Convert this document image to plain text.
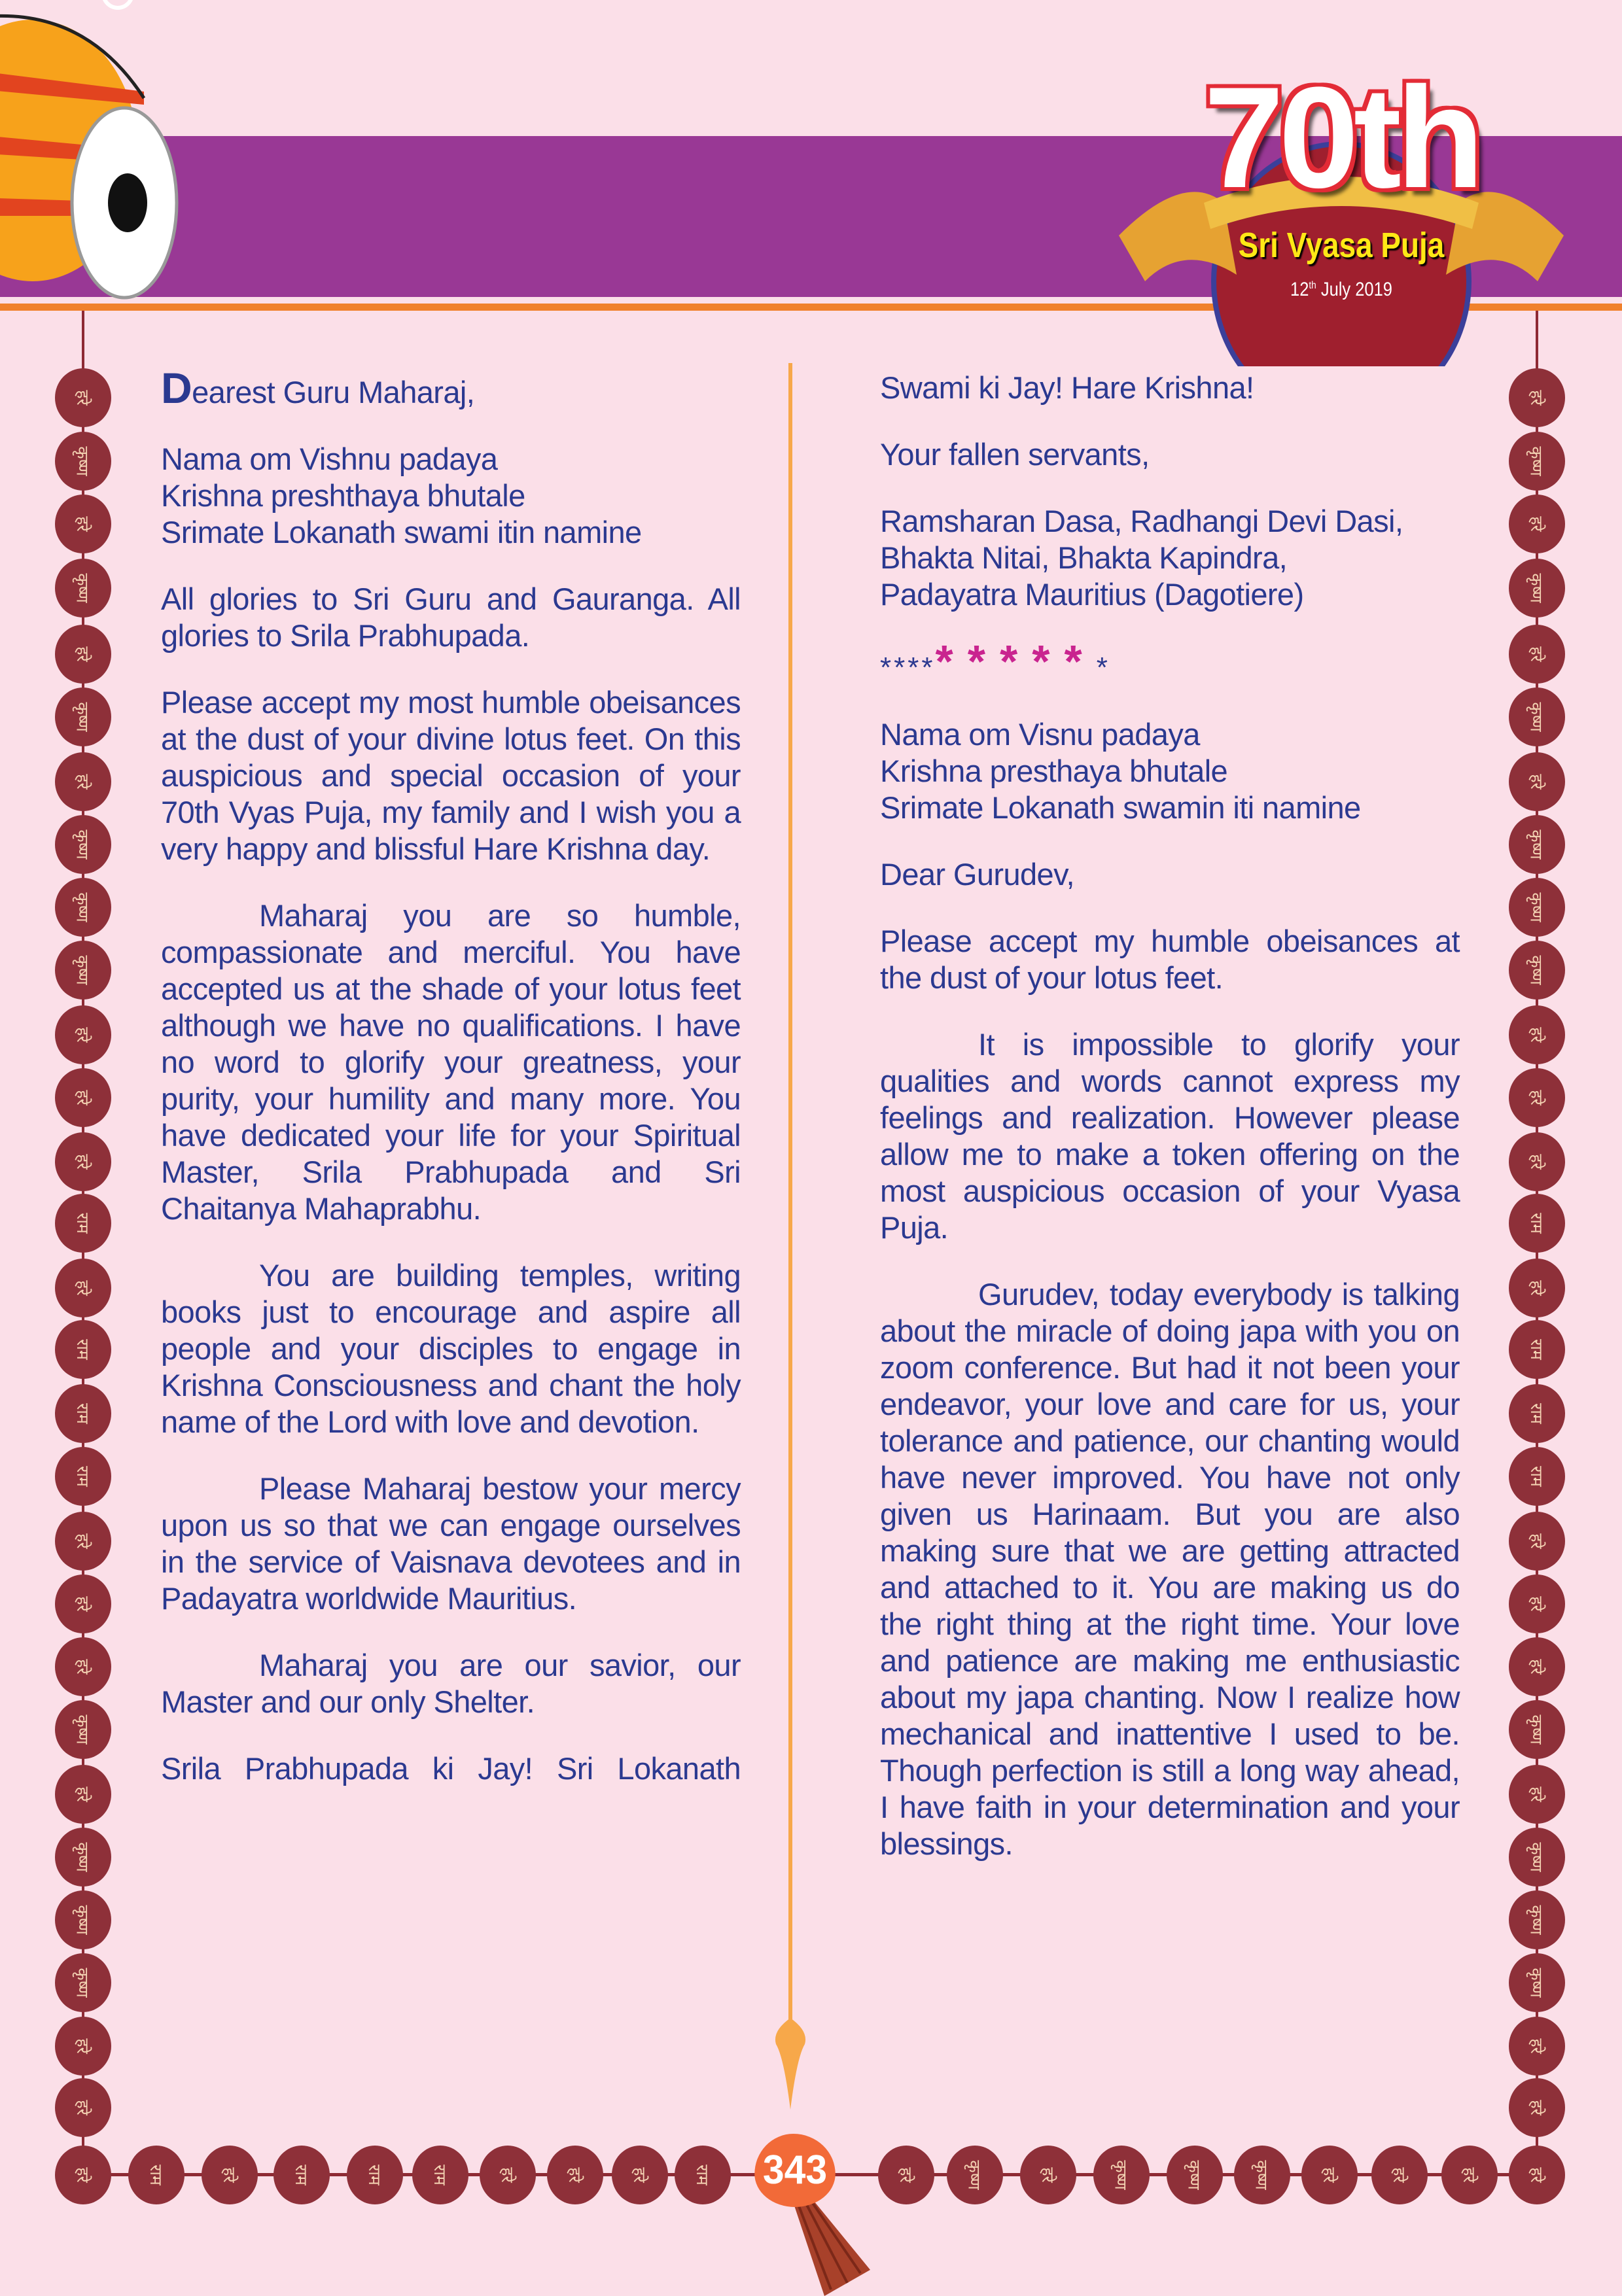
70th
Sri Vyasa Puja
12th July 2019

Dearest Guru Maharaj,

Nama om Vishnu padaya
Krishna preshthaya bhutale
Srimate Lokanath swami itin namine

All glories to Sri Guru and Gauranga. All glories to Srila Prabhupada.

Please accept my most humble obeisances at the dust of your divine lotus feet. On this auspicious and special occasion of your 70th Vyas Puja, my family and I wish you a very happy and blissful Hare Krishna day.

Maharaj you are so humble, compassionate and merciful. You have accepted us at the shade of your lotus feet although we have no qualifications. I have no word to glorify your greatness, your purity, your humility and many more. You have dedicated your life for your Spiritual Master, Srila Prabhupada and Sri Chaitanya Mahaprabhu.

You are building temples, writing books just to encourage and aspire all people and your disciples to engage in Krishna Consciousness and chant the holy name of the Lord with love and devotion.

Please Maharaj bestow your mercy upon us so that we can engage ourselves in the service of Vaisnava devotees and in Padayatra worldwide Mauritius.

Maharaj you are our savior, our Master and our only Shelter.

Srila Prabhupada ki Jay! Sri Lokanath

Swami ki Jay! Hare Krishna!

Your fallen servants,

Ramsharan Dasa, Radhangi Devi Dasi,
Bhakta Nitai, Bhakta Kapindra,
Padayatra Mauritius (Dagotiere)

**********

Nama om Visnu padaya
Krishna presthaya bhutale
Srimate Lokanath swamin iti namine

Dear Gurudev,

Please accept my humble obeisances at the dust of your lotus feet.

It is impossible to glorify your qualities and words cannot express my feelings and realization. However please allow me to make a token offering on the most auspicious occasion of your Vyasa Puja.

Gurudev, today everybody is talking about the miracle of doing japa with you on zoom conference. But had it not been your endeavor, your love and care for us, your tolerance and patience, our chanting would have never improved. You have not only given us Harinaam. But you are also making sure that we are getting attracted and attached to it. You are making us do the right thing at the right time. Your love and patience are making me enthusiastic about my japa chanting. Now I realize how mechanical and inattentive I used to be. Though perfection is still a long way ahead, I have faith in your determination and your blessings.

हरे	हरे
कृष्ण	कृष्ण
हरे	हरे
कृष्ण	कृष्ण
हरे	हरे
कृष्ण	कृष्ण
हरे	हरे
कृष्ण	कृष्ण
कृष्ण	कृष्ण
कृष्ण	कृष्ण
हरे	हरे
हरे	हरे
हरे	हरे
राम	राम
हरे	हरे
राम	राम
राम	राम
राम	राम
हरे	हरे
हरे	हरे
हरे	हरे
कृष्ण	कृष्ण
हरे	हरे
कृष्ण	कृष्ण
कृष्ण	कृष्ण
कृष्ण	कृष्ण
हरे	हरे
हरे	हरे
हरे	राम	हरे	राम	राम	राम	हरे	हरे	हरे	राम	हरे	कृष्ण	हरे	कृष्ण	कृष्ण	कृष्ण	हरे	हरे	हरे	हरे
343
